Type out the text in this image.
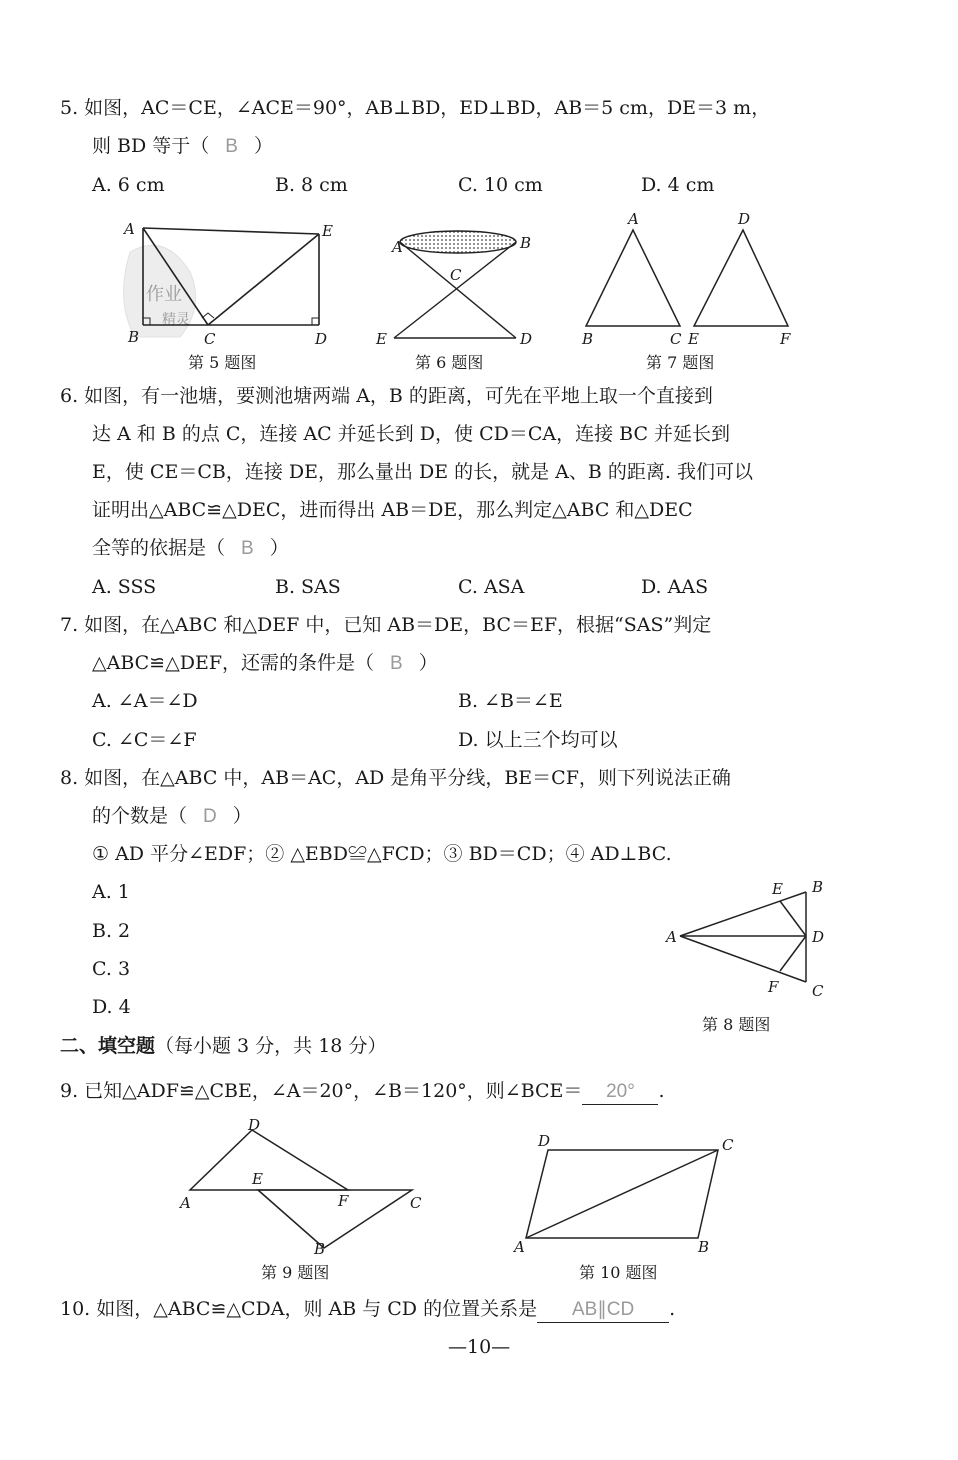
5. 如图，AC＝CE，∠ACE＝90°，AB⊥BD，ED⊥BD，AB＝5 cm，DE＝3 m，
则 BD 等于（ B ）
A. 6 cm	B. 8 cm	C. 10 cm	D. 4 cm
作业
精灵
A	E
B	C	D
第 5 题图
A	B
C
E	D
第 6 题图
A	D
B	C E	F
第 7 题图
6. 如图，有一池塘，要测池塘两端 A，B 的距离，可先在平地上取一个直接到
达 A 和 B 的点 C，连接 AC 并延长到 D，使 CD＝CA，连接 BC 并延长到
E，使 CE＝CB，连接 DE，那么量出 DE 的长，就是 A、B 的距离. 我们可以
证明出△ABC≌△DEC，进而得出 AB＝DE，那么判定△ABC 和△DEC
全等的依据是（ B ）
A. SSS	B. SAS	C. ASA	D. AAS
7. 如图，在△ABC 和△DEF 中，已知 AB＝DE，BC＝EF，根据“SAS”判定
△ABC≌△DEF，还需的条件是（ B ）
A. ∠A＝∠D	B. ∠B＝∠E
C. ∠C＝∠F	D. 以上三个均可以
8. 如图，在△ABC 中，AB＝AC，AD 是角平分线，BE＝CF，则下列说法正确
的个数是（ D ）
① AD 平分∠EDF；② △EBD≌△FCD；③ BD＝CD；④ AD⊥BC.
A. 1
B. 2
C. 3
D. 4
E B
A	D
F C
第 8 题图
二、填空题（每小题 3 分，共 18 分）
9. 已知△ADF≌△CBE，∠A＝20°，∠B＝120°，则∠BCE＝ 20° .
D
E
A	F	C
B
第 9 题图
D	C
A	B
第 10 题图
10. 如图，△ABC≌△CDA，则 AB 与 CD 的位置关系是 AB∥CD .
—10—
